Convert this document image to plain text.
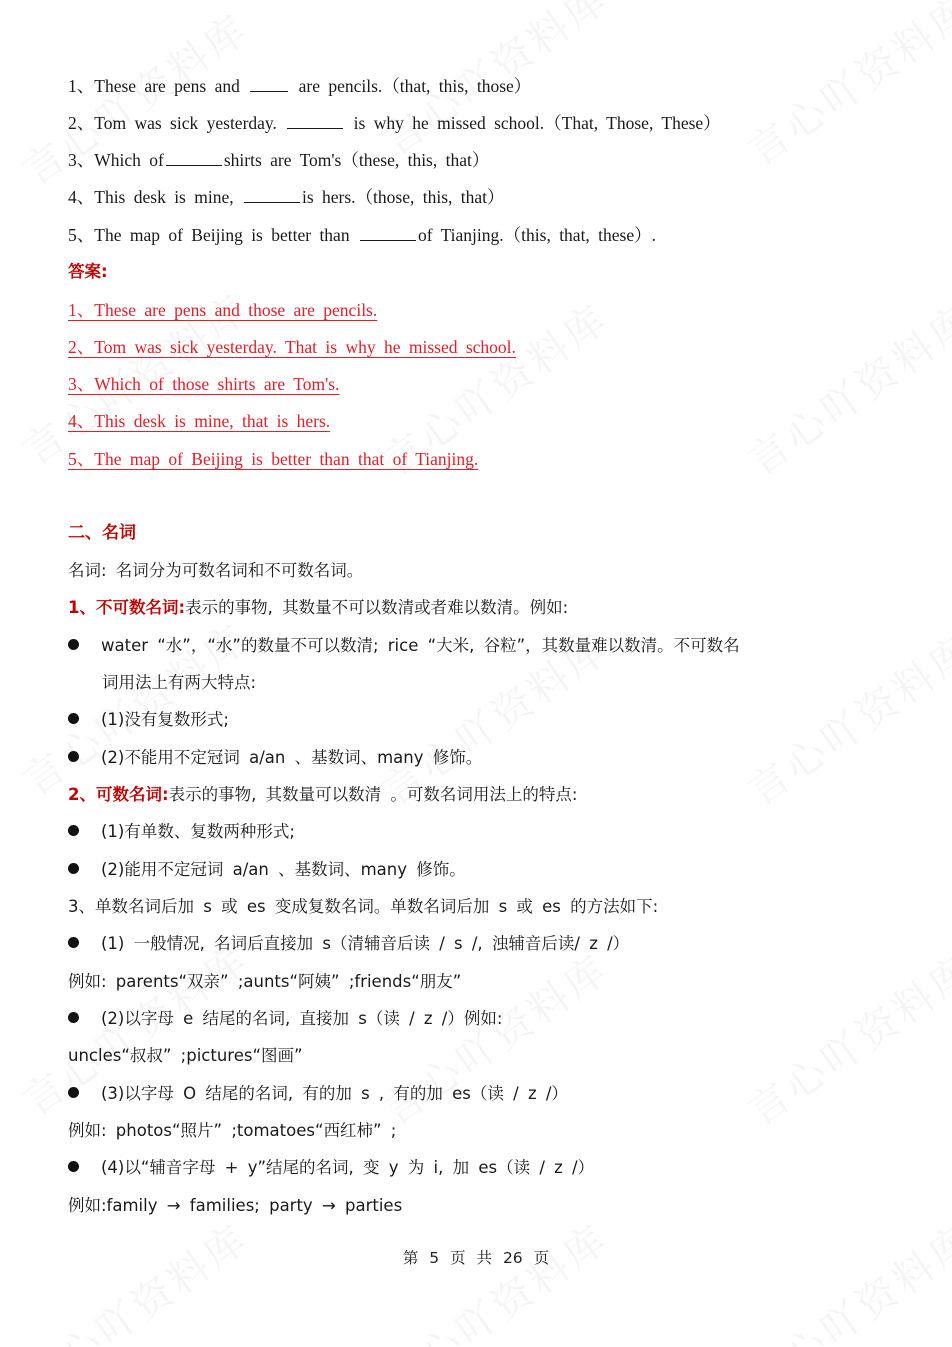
1、These are pens and	are pencils.（that, this, those）
2、Tom was sick yesterday.	is why he missed school.（That, Those, These）
3、Which of	shirts are Tom's（these, this, that）
4、This desk is mine,	is hers.（those, this, that）
5、The map of Beijing is better than	of Tianjing.（this, that, these）.
答案:
1、These are pens and those are pencils.
2、Tom was sick yesterday. That is why he missed school.
3、Which of those shirts are Tom's.
4、This desk is mine, that is hers.
5、The map of Beijing is better than that of Tianjing.
二、名词
名词: 名词分为可数名词和不可数名词。
1、不可数名词:表示的事物, 其数量不可以数清或者难以数清。例如:
water “水”，“水”的数量不可以数清; rice “大米, 谷粒”，其数量难以数清。不可数名
词用法上有两大特点:
(1)没有复数形式;
(2)不能用不定冠词 a/an 、基数词、many 修饰。
2、可数名词:表示的事物, 其数量可以数清 。可数名词用法上的特点:
(1)有单数、复数两种形式;
(2)能用不定冠词 a/an 、基数词、many 修饰。
3、单数名词后加 s 或 es 变成复数名词。单数名词后加 s 或 es 的方法如下:
(1) 一般情况, 名词后直接加 s（清辅音后读 / s /, 浊辅音后读/ z /）
例如: parents“双亲” ;aunts“阿姨” ;friends“朋友”
(2)以字母 e 结尾的名词, 直接加 s（读 / z /）例如:
uncles“叔叔” ;pictures“图画”
(3)以字母 O 结尾的名词, 有的加 s , 有的加 es（读 / z /）
例如: photos“照片” ;tomatoes“西红柿” ;
(4)以“辅音字母 + y”结尾的名词, 变 y 为 i, 加 es（读 / z /）
例如:family → families; party → parties
第 5 页 共 26 页
